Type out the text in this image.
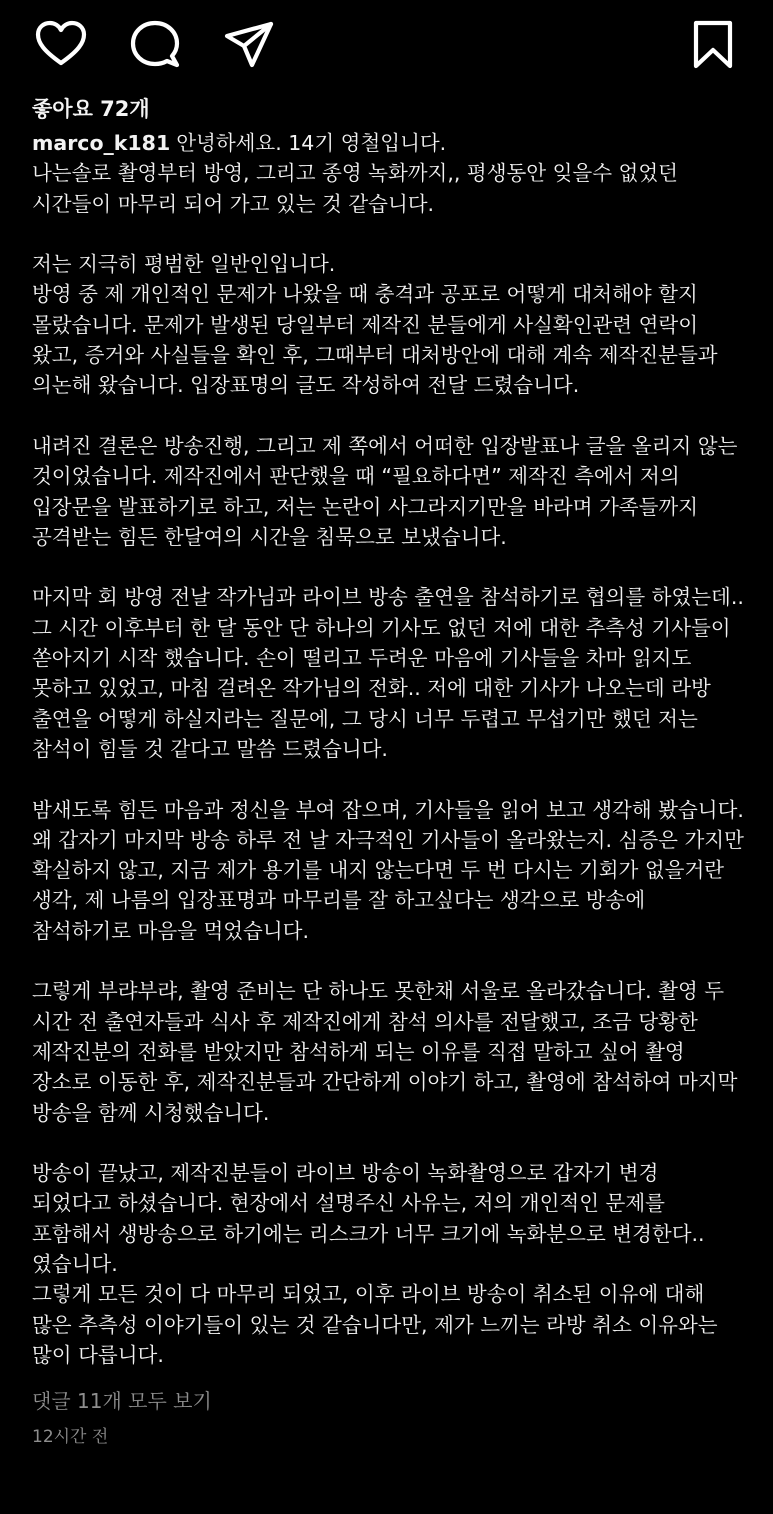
좋아요 72개
marco_k181 안녕하세요. 14기 영철입니다.

나는솔로 촬영부터 방영, 그리고 종영 녹화까지,, 평생동안 잊을수 없었던 시간들이 마무리 되어 가고 있는 것 같습니다.

저는 지극히 평범한 일반인입니다.

방영 중 제 개인적인 문제가 나왔을 때 충격과 공포로 어떻게 대처해야 할지 몰랐습니다. 문제가 발생된 당일부터 제작진 분들에게 사실확인관련 연락이 왔고, 증거와 사실들을 확인 후, 그때부터 대처방안에 대해 계속 제작진분들과 의논해 왔습니다. 입장표명의 글도 작성하여 전달 드렸습니다.

내려진 결론은 방송진행, 그리고 제 쪽에서 어떠한 입장발표나 글을 올리지 않는 것이었습니다. 제작진에서 판단했을 때 “필요하다면” 제작진 측에서 저의 입장문을 발표하기로 하고, 저는 논란이 사그라지기만을 바라며 가족들까지 공격받는 힘든 한달여의 시간을 침묵으로 보냈습니다.

마지막 회 방영 전날 작가님과 라이브 방송 출연을 참석하기로 협의를 하였는데.. 그 시간 이후부터 한 달 동안 단 하나의 기사도 없던 저에 대한 추측성 기사들이 쏟아지기 시작 했습니다. 손이 떨리고 두려운 마음에 기사들을 차마 읽지도 못하고 있었고, 마침 걸려온 작가님의 전화.. 저에 대한 기사가 나오는데 라방 출연을 어떻게 하실지라는 질문에, 그 당시 너무 두렵고 무섭기만 했던 저는 참석이 힘들 것 같다고 말씀 드렸습니다.

밤새도록 힘든 마음과 정신을 부여 잡으며, 기사들을 읽어 보고 생각해 봤습니다. 왜 갑자기 마지막 방송 하루 전 날 자극적인 기사들이 올라왔는지. 심증은 가지만 확실하지 않고, 지금 제가 용기를 내지 않는다면 두 번 다시는 기회가 없을거란 생각, 제 나름의 입장표명과 마무리를 잘 하고싶다는 생각으로 방송에 참석하기로 마음을 먹었습니다.

그렇게 부랴부랴, 촬영 준비는 단 하나도 못한채 서울로 올라갔습니다. 촬영 두 시간 전 출연자들과 식사 후 제작진에게 참석 의사를 전달했고, 조금 당황한 제작진분의 전화를 받았지만 참석하게 되는 이유를 직접 말하고 싶어 촬영 장소로 이동한 후, 제작진분들과 간단하게 이야기 하고, 촬영에 참석하여 마지막 방송을 함께 시청했습니다.

방송이 끝났고, 제작진분들이 라이브 방송이 녹화촬영으로 갑자기 변경 되었다고 하셨습니다. 현장에서 설명주신 사유는, 저의 개인적인 문제를 포함해서 생방송으로 하기에는 리스크가 너무 크기에 녹화분으로 변경한다.. 였습니다.

그렇게 모든 것이 다 마무리 되었고, 이후 라이브 방송이 취소된 이유에 대해 많은 추측성 이야기들이 있는 것 같습니다만, 제가 느끼는 라방 취소 이유와는 많이 다릅니다.

댓글 11개 모두 보기
12시간 전
